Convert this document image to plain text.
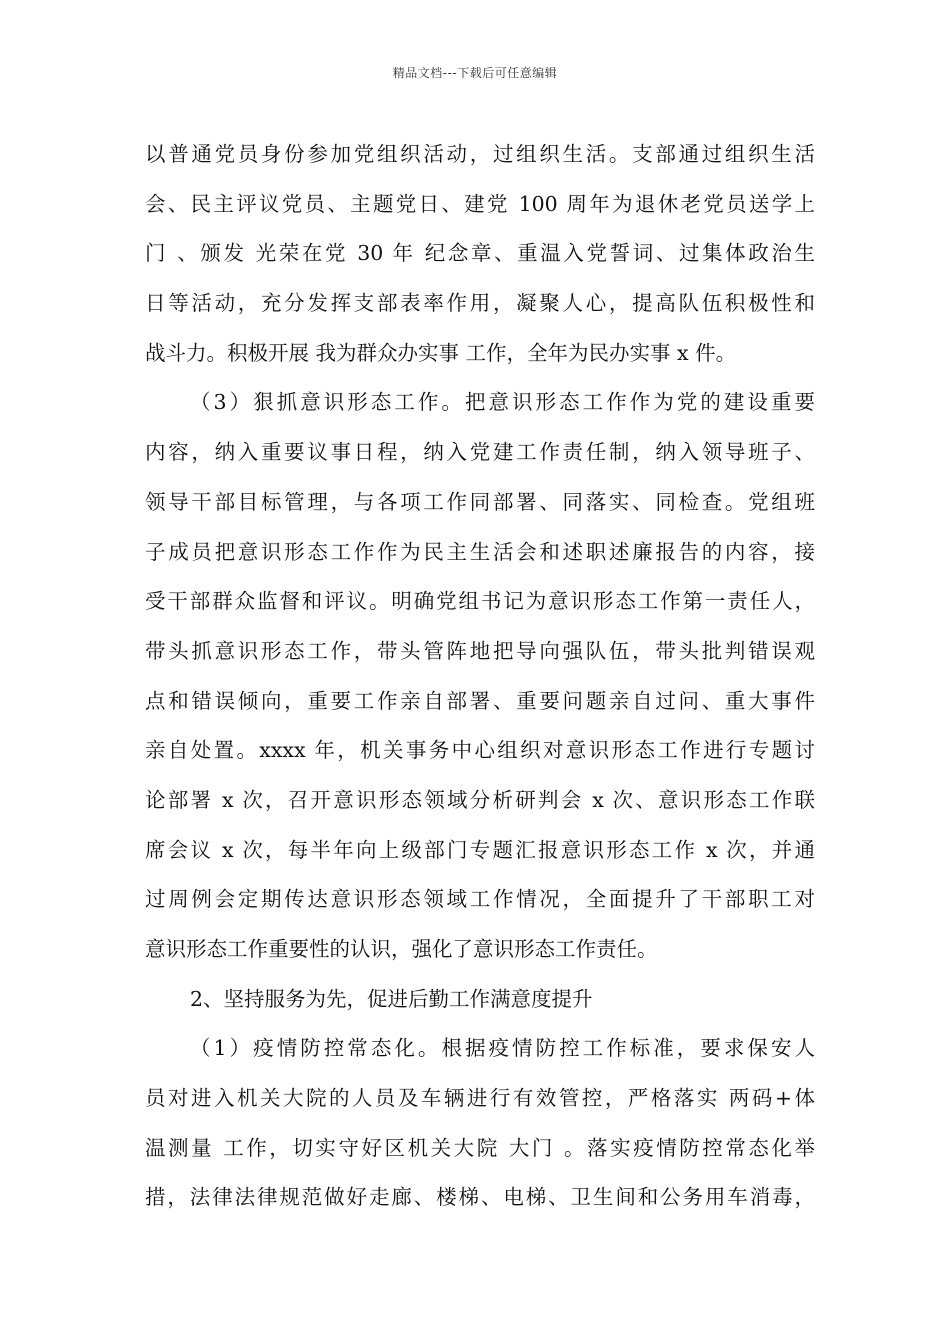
精品文档---下载后可任意编辑
以普通党员身份参加党组织活动，过组织生活。支部通过组织生活
会、民主评议党员、主题党日、建党 100 周年为退休老党员送学上
门 、颁发 光荣在党 30 年 纪念章、重温入党誓词、过集体政治生
日等活动，充分发挥支部表率作用，凝聚人心，提高队伍积极性和
战斗力。积极开展 我为群众办实事 工作，全年为民办实事 x 件。
（3）狠抓意识形态工作。把意识形态工作作为党的建设重要
内容，纳入重要议事日程，纳入党建工作责任制，纳入领导班子、
领导干部目标管理，与各项工作同部署、同落实、同检查。党组班
子成员把意识形态工作作为民主生活会和述职述廉报告的内容，接
受干部群众监督和评议。明确党组书记为意识形态工作第一责任人，
带头抓意识形态工作，带头管阵地把导向强队伍，带头批判错误观
点和错误倾向，重要工作亲自部署、重要问题亲自过问、重大事件
亲自处置。xxxx 年，机关事务中心组织对意识形态工作进行专题讨
论部署 x 次，召开意识形态领域分析研判会 x 次、意识形态工作联
席会议 x 次，每半年向上级部门专题汇报意识形态工作 x 次，并通
过周例会定期传达意识形态领域工作情况，全面提升了干部职工对
意识形态工作重要性的认识，强化了意识形态工作责任。
2、坚持服务为先，促进后勤工作满意度提升
（1）疫情防控常态化。根据疫情防控工作标准，要求保安人
员对进入机关大院的人员及车辆进行有效管控，严格落实 两码+体
温测量 工作，切实守好区机关大院 大门 。落实疫情防控常态化举
措，法律法律规范做好走廊、楼梯、电梯、卫生间和公务用车消毒，
